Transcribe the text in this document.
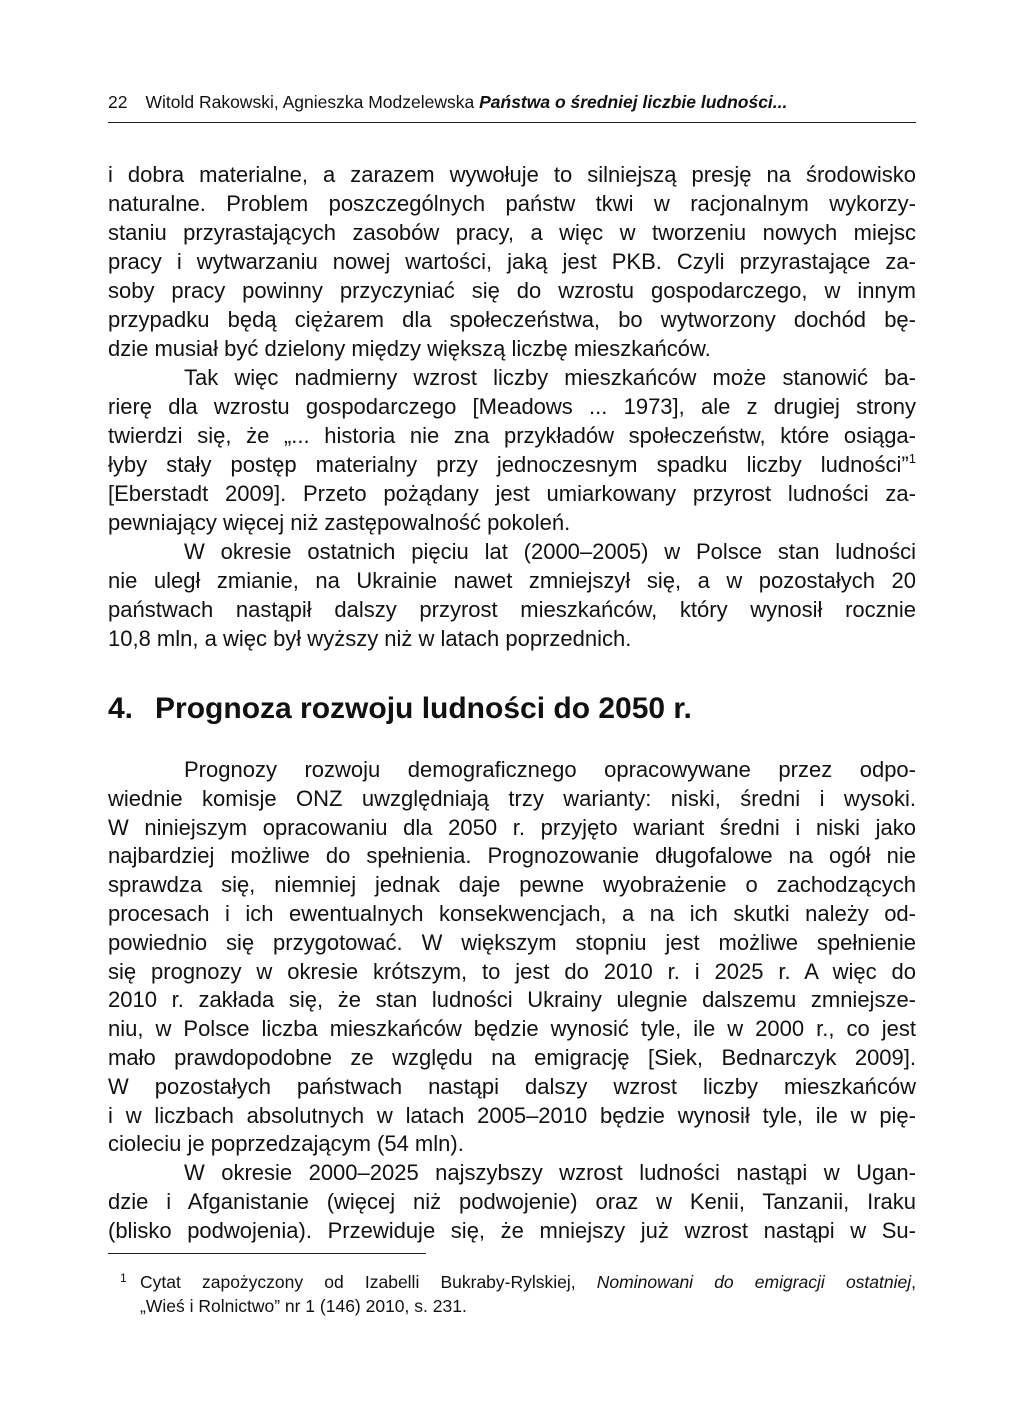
22 Witold Rakowski, Agnieszka Modzelewska Państwa o średniej liczbie ludności...
i dobra materialne, a zarazem wywołuje to silniejszą presję na środowisko
naturalne. Problem poszczególnych państw tkwi w racjonalnym wykorzy-
staniu przyrastających zasobów pracy, a więc w tworzeniu nowych miejsc
pracy i wytwarzaniu nowej wartości, jaką jest PKB. Czyli przyrastające za-
soby pracy powinny przyczyniać się do wzrostu gospodarczego, w innym
przypadku będą ciężarem dla społeczeństwa, bo wytworzony dochód bę-
dzie musiał być dzielony między większą liczbę mieszkańców.
Tak więc nadmierny wzrost liczby mieszkańców może stanowić ba-
rierę dla wzrostu gospodarczego [Meadows ... 1973], ale z drugiej strony
twierdzi się, że „... historia nie zna przykładów społeczeństw, które osiąga-
łyby stały postęp materialny przy jednoczesnym spadku liczby ludności”$^1$
[Eberstadt 2009]. Przeto pożądany jest umiarkowany przyrost ludności za-
pewniający więcej niż zastępowalność pokoleń.
W okresie ostatnich pięciu lat (2000–2005) w Polsce stan ludności
nie uległ zmianie, na Ukrainie nawet zmniejszył się, a w pozostałych 20
państwach nastąpił dalszy przyrost mieszkańców, który wynosił rocznie
10,8 mln, a więc był wyższy niż w latach poprzednich.
4. Prognoza rozwoju ludności do 2050 r.
Prognozy rozwoju demograficznego opracowywane przez odpo-
wiednie komisje ONZ uwzględniają trzy warianty: niski, średni i wysoki.
W niniejszym opracowaniu dla 2050 r. przyjęto wariant średni i niski jako
najbardziej możliwe do spełnienia. Prognozowanie długofalowe na ogół nie
sprawdza się, niemniej jednak daje pewne wyobrażenie o zachodzących
procesach i ich ewentualnych konsekwencjach, a na ich skutki należy od-
powiednio się przygotować. W większym stopniu jest możliwe spełnienie
się prognozy w okresie krótszym, to jest do 2010 r. i 2025 r. A więc do
2010 r. zakłada się, że stan ludności Ukrainy ulegnie dalszemu zmniejsze-
niu, w Polsce liczba mieszkańców będzie wynosić tyle, ile w 2000 r., co jest
mało prawdopodobne ze względu na emigrację [Siek, Bednarczyk 2009].
W pozostałych państwach nastąpi dalszy wzrost liczby mieszkańców
i w liczbach absolutnych w latach 2005–2010 będzie wynosił tyle, ile w pię-
cioleciu je poprzedzającym (54 mln).
W okresie 2000–2025 najszybszy wzrost ludności nastąpi w Ugan-
dzie i Afganistanie (więcej niż podwojenie) oraz w Kenii, Tanzanii, Iraku
(blisko podwojenia). Przewiduje się, że mniejszy już wzrost nastąpi w Su-
1 Cytat zapożyczony od Izabelli Bukraby-Rylskiej, Nominowani do emigracji ostatniej,
„Wieś i Rolnictwo” nr 1 (146) 2010, s. 231.
